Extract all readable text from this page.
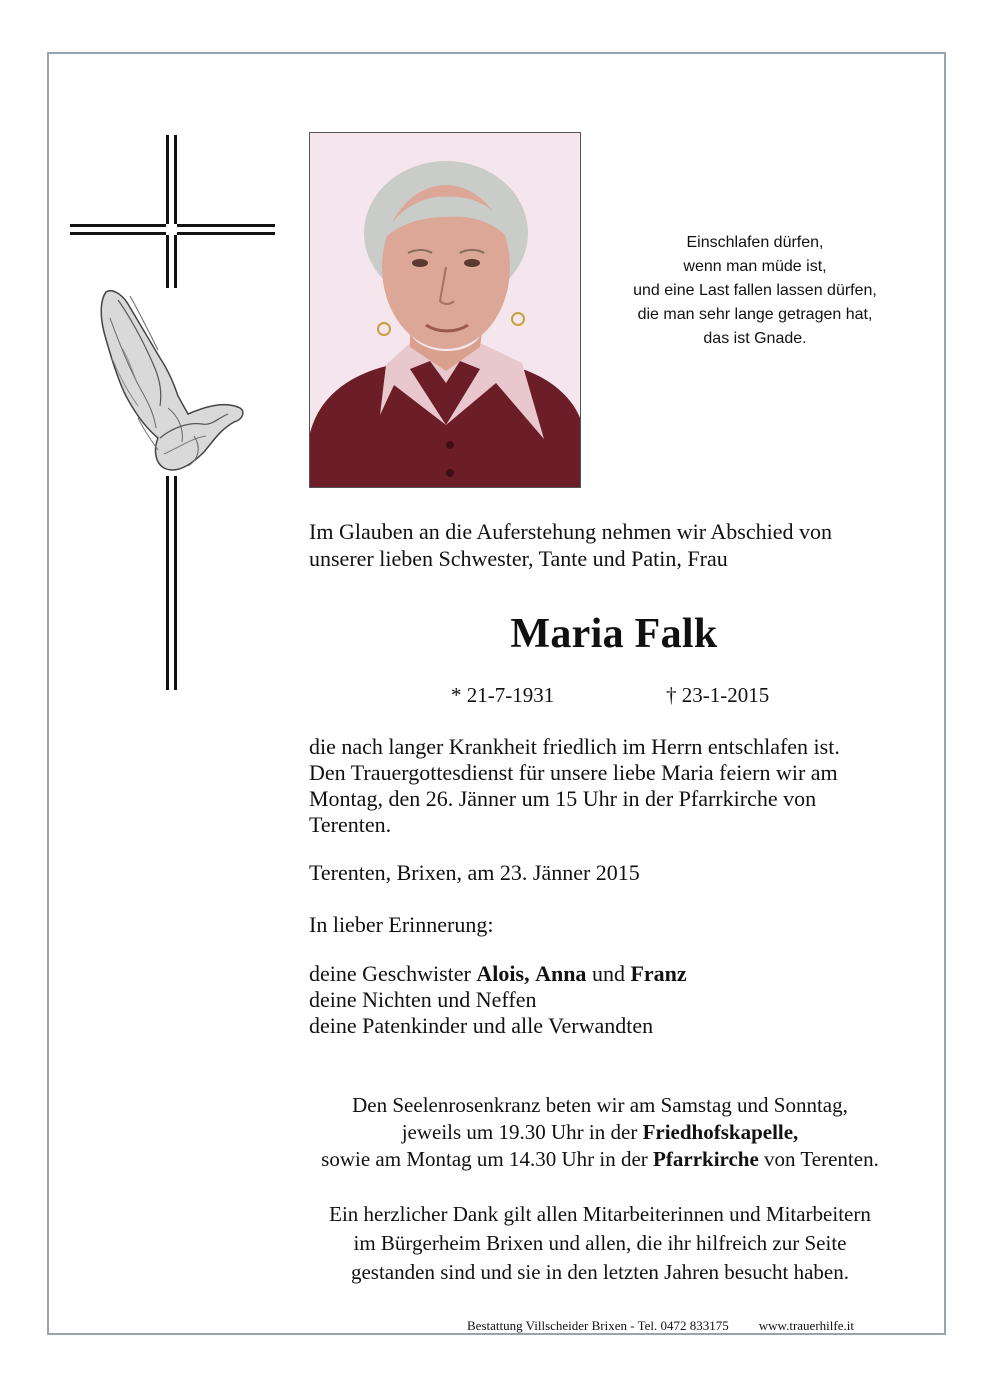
Einschlafen dürfen,
wenn man müde ist,
und eine Last fallen lassen dürfen,
die man sehr lange getragen hat,
das ist Gnade.
Im Glauben an die Auferstehung nehmen wir Abschied von
unserer lieben Schwester, Tante und Patin, Frau
Maria Falk
* 21-7-1931	† 23-1-2015
die nach langer Krankheit friedlich im Herrn entschlafen ist.
Den Trauergottesdienst für unsere liebe Maria feiern wir am
Montag, den 26. Jänner um 15 Uhr in der Pfarrkirche von
Terenten.
Terenten, Brixen, am 23. Jänner 2015
In lieber Erinnerung:
deine Geschwister Alois, Anna und Franz
deine Nichten und Neffen
deine Patenkinder und alle Verwandten
Den Seelenrosenkranz beten wir am Samstag und Sonntag,
jeweils um 19.30 Uhr in der Friedhofskapelle,
sowie am Montag um 14.30 Uhr in der Pfarrkirche von Terenten.
Ein herzlicher Dank gilt allen Mitarbeiterinnen und Mitarbeitern
im Bürgerheim Brixen und allen, die ihr hilfreich zur Seite
gestanden sind und sie in den letzten Jahren besucht haben.
Bestattung Villscheider Brixen - Tel. 0472 833175 www.trauerhilfe.it
